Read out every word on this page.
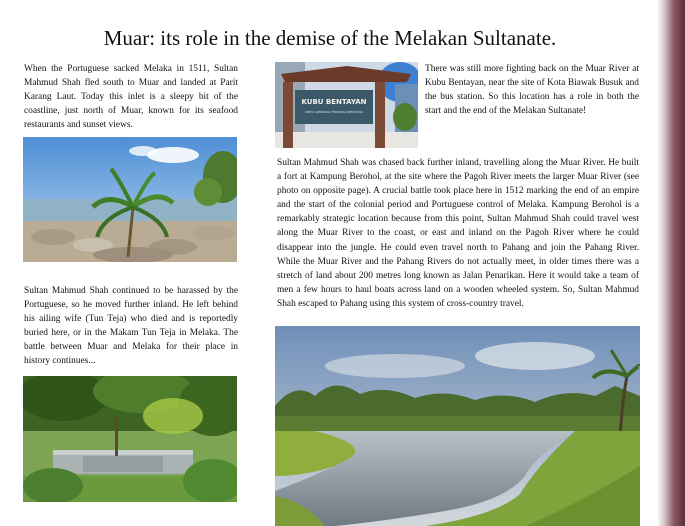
Muar: its role in the demise of the Melakan Sultanate.

When the Portuguese sacked Melaka in 1511, Sultan Mahmud Shah fled south to Muar and landed at Parit Karang Laut. Today this inlet is a sleepy bit of the coastline, just north of Muar, known for its seafood restaurants and sunset views.

Sultan Mahmud Shah continued to be harassed by the Portuguese, so he moved further inland. He left behind his ailing wife (Tun Teja) who died and is reportedly buried here, or in the Makam Tun Teja in Melaka. The battle between Muar and Melaka for their place in history continues...

KUBU BENTAYAN
PINTU GERBANG TERMINAL BENTAYAN

There was still more fighting back on the Muar River at Kubu Bentayan, near the site of Kota Biawak Busuk and the bus station. So this location has a role in both the start and the end of the Melakan Sultanate!

Sultan Mahmud Shah was chased back further inland, travelling along the Muar River. He built a fort at Kampung Berohol, at the site where the Pagoh River meets the larger Muar River (see photo on opposite page). A crucial battle took place here in 1512 marking the end of an empire and the start of the colonial period and Portuguese control of Melaka. Kampung Berohol is a remarkably strategic location because from this point, Sultan Mahmud Shah could travel west along the Muar River to the coast, or east and inland on the Pagoh River where he could disappear into the jungle. He could even travel north to Pahang and join the Pahang River. While the Muar River and the Pahang Rivers do not actually meet, in older times there was a stretch of land about 200 metres long known as Jalan Penarikan. Here it would take a team of men a few hours to haul boats across land on a wooden wheeled system. So, Sultan Mahmud Shah escaped to Pahang using this system of cross-country travel.
